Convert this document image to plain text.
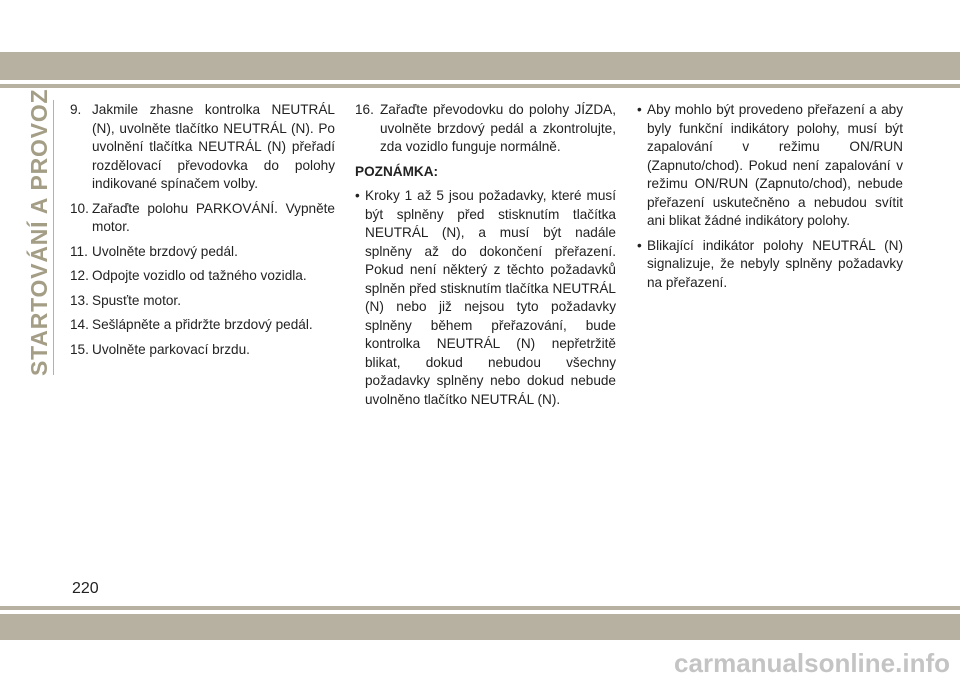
STARTOVÁNÍ A PROVOZ 9. Jakmile zhasne kontrolka NEUTRÁL (N), uvolněte tlačítko NEUTRÁL (N). Po uvolnění tlačítka NEUTRÁL (N) přeřadí rozdělovací převodovka do polohy indikované spínačem volby.
10. Zařaďte polohu PARKOVÁNÍ. Vypněte motor.
11. Uvolněte brzdový pedál.
12. Odpojte vozidlo od tažného vozidla.
13. Spusťte motor.
14. Sešlápněte a přidržte brzdový pedál.
15. Uvolněte parkovací brzdu.
16. Zařaďte převodovku do polohy JÍZDA, uvolněte brzdový pedál a zkontrolujte, zda vozidlo funguje normálně.
POZNÁMKA:
• Kroky 1 až 5 jsou požadavky, které musí být splněny před stisknutím tlačítka NEUTRÁL (N), a musí být nadále splněny až do dokončení přeřazení. Pokud není některý z těchto požadavků splněn před stisknutím tlačítka NEUTRÁL (N) nebo již nejsou tyto požadavky splněny během přeřazování, bude kontrolka NEUTRÁL (N) nepřetržitě blikat, dokud nebudou všechny požadavky splněny nebo dokud nebude uvolněno tlačítko NEUTRÁL (N).
• Aby mohlo být provedeno přeřazení a aby byly funkční indikátory polohy, musí být zapalování v režimu ON/RUN (Zapnuto/chod). Pokud není zapalování v režimu ON/RUN (Zapnuto/chod), nebude přeřazení uskutečněno a nebudou svítit ani blikat žádné indikátory polohy.
• Blikající indikátor polohy NEUTRÁL (N) signalizuje, že nebyly splněny požadavky na přeřazení.
220
carmanualsonline.info
